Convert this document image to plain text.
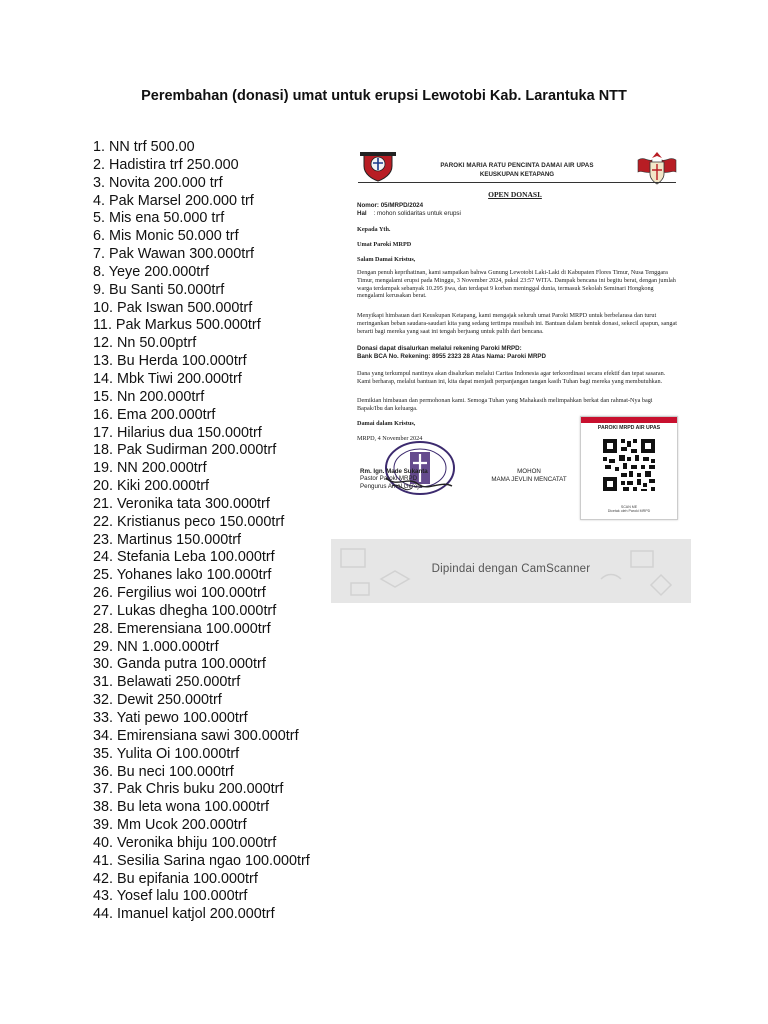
Perembahan (donasi) umat untuk erupsi Lewotobi Kab. Larantuka NTT
1. NN trf 500.00
2. Hadistira trf 250.000
3. Novita 200.000 trf
4. Pak Marsel 200.000 trf
5. Mis ena 50.000 trf
6. Mis Monic 50.000 trf
7. Pak Wawan 300.000trf
8. Yeye 200.000trf
9. Bu Santi 50.000trf
10. Pak Iswan 500.000trf
11. Pak Markus 500.000trf
12. Nn 50.00ptrf
13. Bu Herda 100.000trf
14. Mbk Tiwi 200.000trf
15. Nn 200.000trf
16. Ema 200.000trf
17. Hilarius dua 150.000trf
18. Pak Sudirman 200.000trf
19. NN 200.000trf
20. Kiki 200.000trf
21. Veronika tata 300.000trf
22. Kristianus peco 150.000trf
23. Martinus 150.000trf
24. Stefania Leba 100.000trf
25. Yohanes lako 100.000trf
26. Fergilius woi 100.000trf
27. Lukas dhegha 100.000trf
28. Emerensiana 100.000trf
29. NN 1.000.000trf
30. Ganda putra 100.000trf
31. Belawati 250.000trf
32. Dewit 250.000trf
33. Yati pewo 100.000trf
34. Emirensiana sawi 300.000trf
35. Yulita Oi 100.000trf
36. Bu neci 100.000trf
37. Pak Chris buku 200.000trf
38. Bu leta wona 100.000trf
39. Mm Ucok 200.000trf
40. Veronika bhiju 100.000trf
41. Sesilia Sarina ngao 100.000trf
42. Bu epifania 100.000trf
43. Yosef lalu 100.000trf
44. Imanuel katjol 200.000trf
PAROKI MARIA RATU PENCINTA DAMAI AIR UPAS
KEUSKUPAN KETAPANG
OPEN DONASI.
Nomor: 05/MRPD/2024
Hal : mohon solidaritas untuk erupsi
Kepada Yth.
Umat Paroki MRPD
Salam Damai Kristus,
Dengan penuh keprihatinan, kami sampaikan bahwa Gunung Lewotobi Laki-Laki di Kabupaten Flores Timur, Nusa Tenggara Timur, mengalami erupsi pada Minggu, 3 November 2024, pukul 23:57 WITA. Dampak bencana ini begitu berat, dengan jumlah warga terdampak sebanyak 10.295 jiwa, dan terdapat 9 korban meninggal dunia, termasuk Sekolah Seminari Hongkong mengalami kerusakan berat.
Menyikapi himbauan dari Keuskupan Ketapang, kami mengajak seluruh umat Paroki MRPD untuk berbelarasa dan turut meringankan beban saudara-saudari kita yang sedang tertimpa musibah ini. Bantuan dalam bentuk donasi, sekecil apapun, sangat berarti bagi mereka yang saat ini tengah berjuang untuk pulih dari bencana.
Donasi dapat disalurkan melalui rekening Paroki MRPD:
Bank BCA No. Rekening: 8955 2323 28 Atas Nama: Paroki MRPD
Dana yang terkumpul nantinya akan disalurkan melalui Caritas Indonesia agar terkoordinasi secara efektif dan tepat sasaran. Kami berharap, melalui bantuan ini, kita dapat menjadi perpanjangan tangan kasih Tuhan bagi mereka yang membutuhkan.
Demikian himbauan dan permohonan kami. Semoga Tuhan yang Mahakasih melimpahkan berkat dan rahmat-Nya bagi Bapak/Ibu dan keluarga.
Damai dalam Kristus,
MRPD, 4 November 2024
Rm. Ign. Made Sukanta
Pastor Paroki MRPD
Pengurus Amal Gereja
MOHON
MAMA JEVLIN MENCATAT
PAROKI MRPD AIR UPAS
SCAN ME
Dicetak oleh Paroki MRPD
Dipindai dengan CamScanner
